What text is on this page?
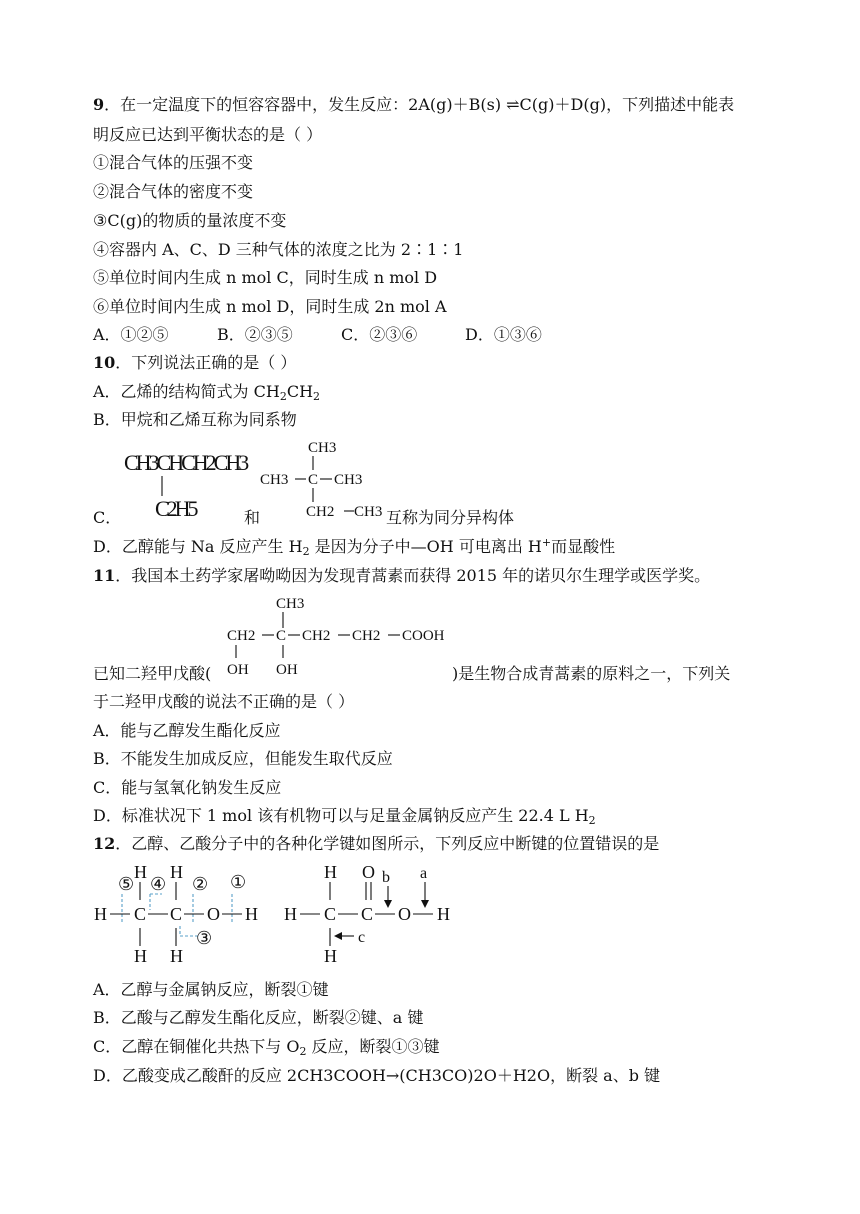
9．在一定温度下的恒容容器中，发生反应：2A(g)＋B(s) ⇌C(g)＋D(g)，下列描述中能表
明反应已达到平衡状态的是（ ）
①混合气体的压强不变
②混合气体的密度不变
③C(g)的物质的量浓度不变
④容器内 A、C、D 三种气体的浓度之比为 2∶1∶1
⑤单位时间内生成 n mol C，同时生成 n mol D
⑥单位时间内生成 n mol D，同时生成 2n mol A
A．①②⑤	B．②③⑤	C．②③⑥	D．①③⑥
10．下列说法正确的是（ ）
A．乙烯的结构简式为 $CH_2CH_2$
B．甲烷和乙烯互称为同系物
CH3CHCH2CH3
C2H5
CH3
CH3 C CH3
CH2 CH3
C．	和	互称为同分异构体
D．乙醇能与 Na 反应产生 $H_2$ 是因为分子中—OH 可电离出 H+而显酸性
11．我国本土药学家屠呦呦因为发现青蒿素而获得 2015 年的诺贝尔生理学或医学奖。
CH3
CH2 C CH2 CH2 COOH
OH OH
已知二羟甲戊酸(	)是生物合成青蒿素的原料之一，下列关
于二羟甲戊酸的说法不正确的是（ ）
A．能与乙醇发生酯化反应
B．不能发生加成反应，但能发生取代反应
C．能与氢氧化钠发生反应
D．标准状况下 1 mol 该有机物可以与足量金属钠反应产生 22.4 L $H_2$
12．乙醇、乙酸分子中的各种化学键如图所示，下列反应中断键的位置错误的是
H H
⑤ ④ ② ①
H C C O H
③
H H
H O b a
H C C O H
c
H
A．乙醇与金属钠反应，断裂①键
B．乙酸与乙醇发生酯化反应，断裂②键、a 键
C．乙醇在铜催化共热下与 $O_2$ 反应，断裂①③键
D．乙酸变成乙酸酐的反应 2CH3COOH→(CH3CO)2O＋H2O，断裂 a、b 键
